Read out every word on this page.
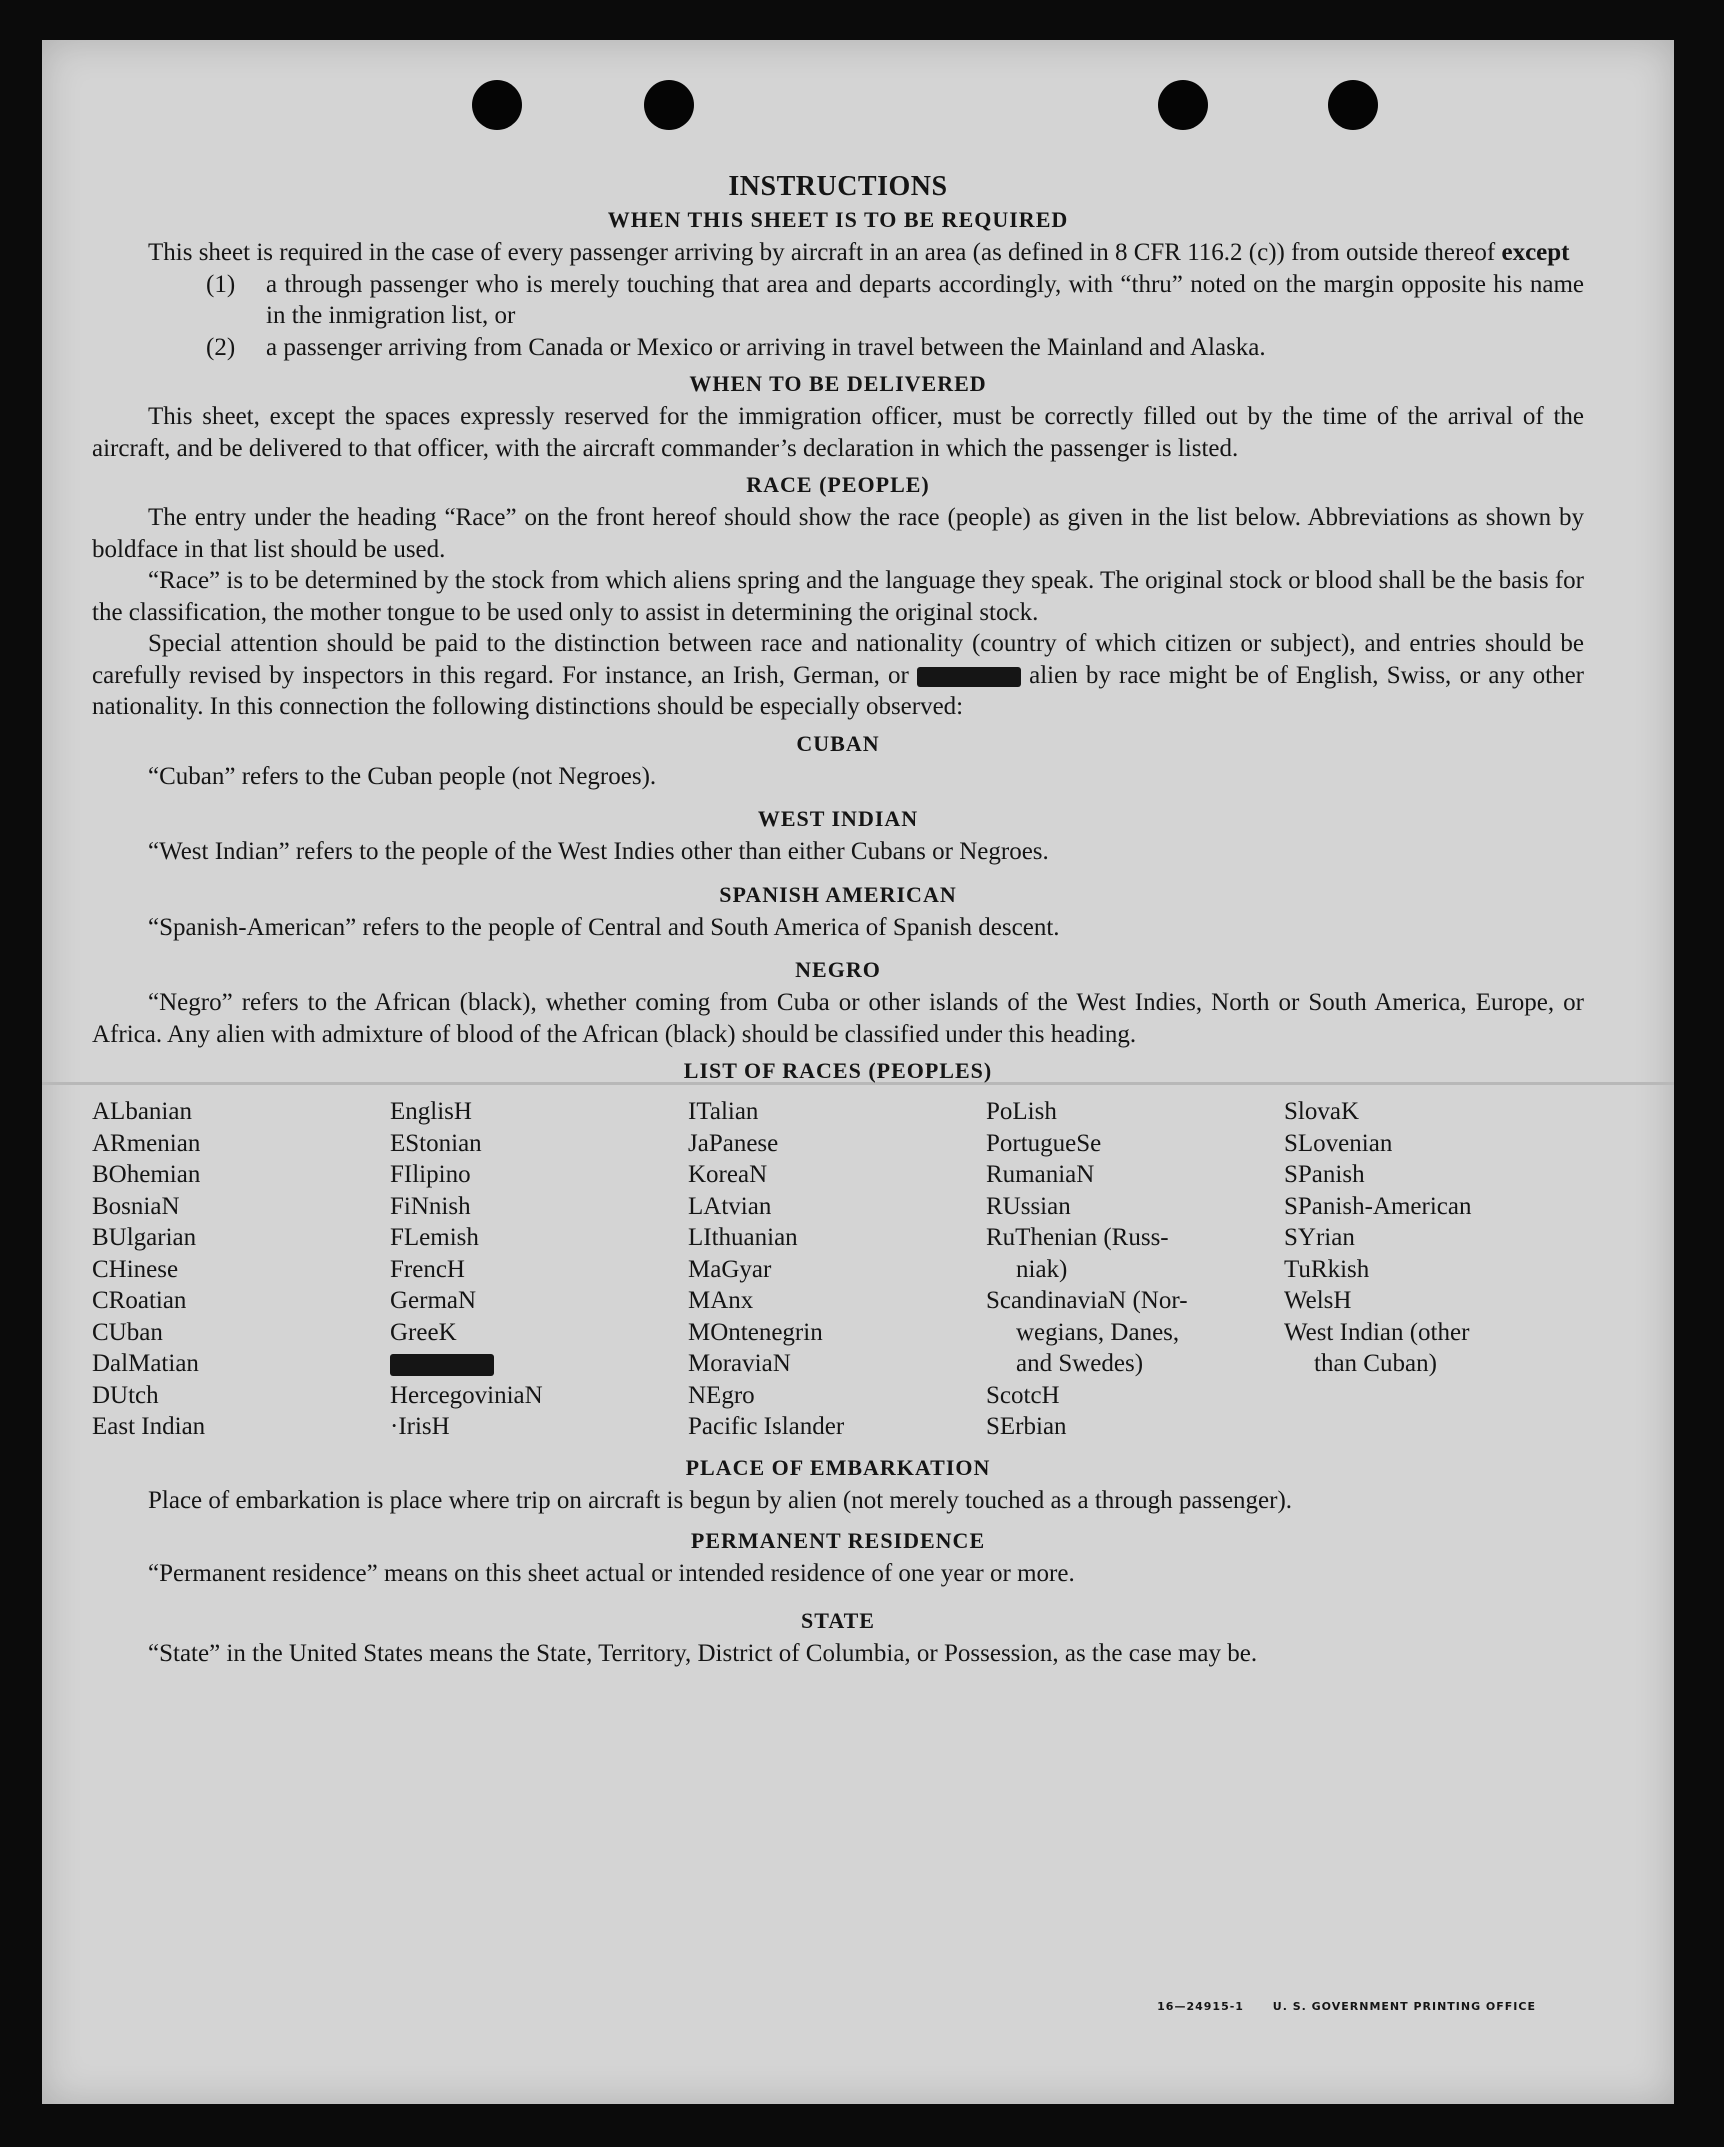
INSTRUCTIONS
WHEN THIS SHEET IS TO BE REQUIRED

This sheet is required in the case of every passenger arriving by aircraft in an area (as defined in 8 CFR 116.2 (c)) from outside thereof except

(1)	a through passenger who is merely touching that area and departs accordingly, with “thru” noted on the margin opposite his name in the inmigration list, or
(2)	a passenger arriving from Canada or Mexico or arriving in travel between the Mainland and Alaska.
WHEN TO BE DELIVERED

This sheet, except the spaces expressly reserved for the immigration officer, must be correctly filled out by the time of the arrival of the aircraft, and be delivered to that officer, with the aircraft commander’s declaration in which the passenger is listed.

RACE (PEOPLE)

The entry under the heading “Race” on the front hereof should show the race (people) as given in the list below. Abbreviations as shown by boldface in that list should be used.

“Race” is to be determined by the stock from which aliens spring and the language they speak. The original stock or blood shall be the basis for the classification, the mother tongue to be used only to assist in determining the original stock.

Special attention should be paid to the distinction between race and nationality (country of which citizen or subject), and entries should be carefully revised by inspectors in this regard. For instance, an Irish, German, or	alien by race might be of English, Swiss, or any other nationality. In this connection the following distinctions should be especially observed:

CUBAN

“Cuban” refers to the Cuban people (not Negroes).

WEST INDIAN

“West Indian” refers to the people of the West Indies other than either Cubans or Negroes.

SPANISH AMERICAN

“Spanish-American” refers to the people of Central and South America of Spanish descent.

NEGRO

“Negro” refers to the African (black), whether coming from Cuba or other islands of the West Indies, North or South America, Europe, or Africa. Any alien with admixture of blood of the African (black) should be classified under this heading.

LIST OF RACES (PEOPLES)
ALbanian
ARmenian
BOhemian
BosniaN
BUlgarian
CHinese
CRoatian
CUban
DalMatian
DUtch
East Indian
EnglisH
EStonian
FIlipino
FiNnish
FLemish
FrencH
GermaN
GreeK
HercegoviniaN
·IrisH
ITalian
JaPanese
KoreaN
LAtvian
LIthuanian
MaGyar
MAnx
MOntenegrin
MoraviaN
NEgro
Pacific Islander
PoLish
PortugueSe
RumaniaN
RUssian
RuThenian (Russ-
niak)
ScandinaviaN (Nor-
wegians, Danes,
and Swedes)
ScotcH
SErbian
SlovaK
SLovenian
SPanish
SPanish-American
SYrian
TuRkish
WelsH
West Indian (other
than Cuban)
PLACE OF EMBARKATION

Place of embarkation is place where trip on aircraft is begun by alien (not merely touched as a through passenger).

PERMANENT RESIDENCE

“Permanent residence” means on this sheet actual or intended residence of one year or more.

STATE

“State” in the United States means the State, Territory, District of Columbia, or Possession, as the case may be.

16—24915-1	U. S. GOVERNMENT PRINTING OFFICE
